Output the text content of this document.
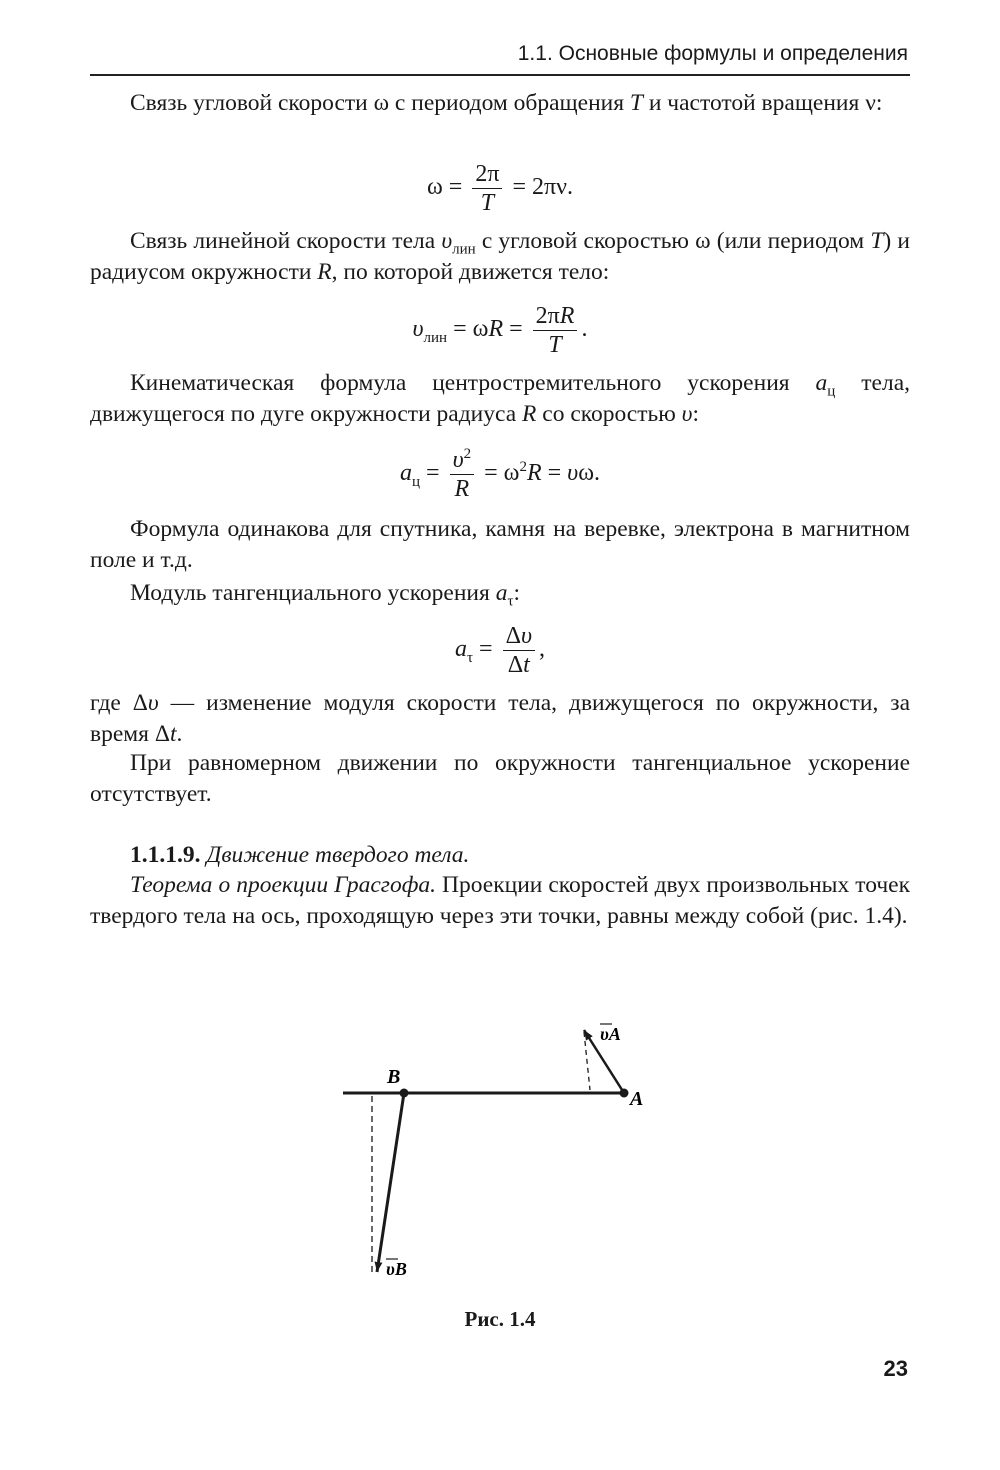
1.1. Основные формулы и определения

Связь угловой скорости ω с периодом обращения T и частотой вращения ν:

$\omega = \frac{2\pi}{T} = 2\pi\nu$.

Связь линейной скорости тела $\upsilon_{лин}$ с угловой скоростью ω (или периодом T) и радиусом окружности R, по которой движется тело:

$\upsilon_{лин} = \omega R = \frac{2\pi R}{T}$ .

Кинематическая формула центростремительного ускорения $a_ц$ тела, движущегося по дуге окружности радиуса R со скоростью υ:

$a_ц = \frac{\upsilon^2}{R} = \omega^2R = \upsilon\omega$.

Формула одинакова для спутника, камня на веревке, электрона в магнитном поле и т.д.

Модуль тангенциального ускорения $a_\tau$:

$a_\tau = \frac{\Delta\upsilon}{\Delta t}$ ,

где Δυ — изменение модуля скорости тела, движущегося по окружности, за время Δt.

При равномерном движении по окружности тангенциальное ускорение отсутствует.

1.1.1.9. Движение твердого тела.

Теорема о проекции Грасгофа. Проекции скоростей двух произвольных точек твердого тела на ось, проходящую через эти точки, равны между собой (рис. 1.4).

B
A
υA
υB
Рис. 1.4
23
